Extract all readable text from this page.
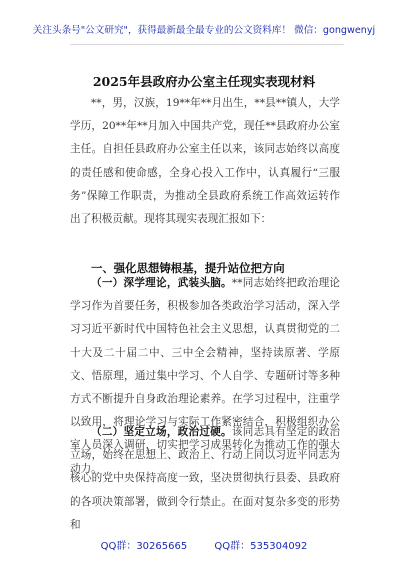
关注头条号"公文研究"，获得最新最全最专业的公文资料库！ 微信：gongwenyj
2025年县政府办公室主任现实表现材料
**，男，汉族，19**年**月出生，**县**镇人，大学学历，20**年**月加入中国共产党，现任**县政府办公室主任。自担任县政府办公室主任以来，该同志始终以高度的责任感和使命感，全身心投入工作中，认真履行“三服务”保障工作职责，为推动全县政府系统工作高效运转作出了积极贡献。现将其现实表现汇报如下：
一、强化思想铸根基，提升站位把方向
（一）深学理论，武装头脑。**同志始终把政治理论学习作为首要任务，积极参加各类政治学习活动，深入学习习近平新时代中国特色社会主义思想，认真贯彻党的二十大及二十届二中、三中全会精神，坚持读原著、学原文、悟原理，通过集中学习、个人自学、专题研讨等多种方式不断提升自身政治理论素养。在学习过程中，注重学以致用，将理论学习与实际工作紧密结合，积极组织办公室人员深入调研，切实把学习成果转化为推动工作的强大动力。
（二）坚定立场，政治过硬。该同志具有坚定的政治立场，始终在思想上、政治上、行动上同以习近平同志为核心的党中央保持高度一致，坚决贯彻执行县委、县政府的各项决策部署，做到令行禁止。在面对复杂多变的形势和
QQ群：30265665	QQ群：535304092
